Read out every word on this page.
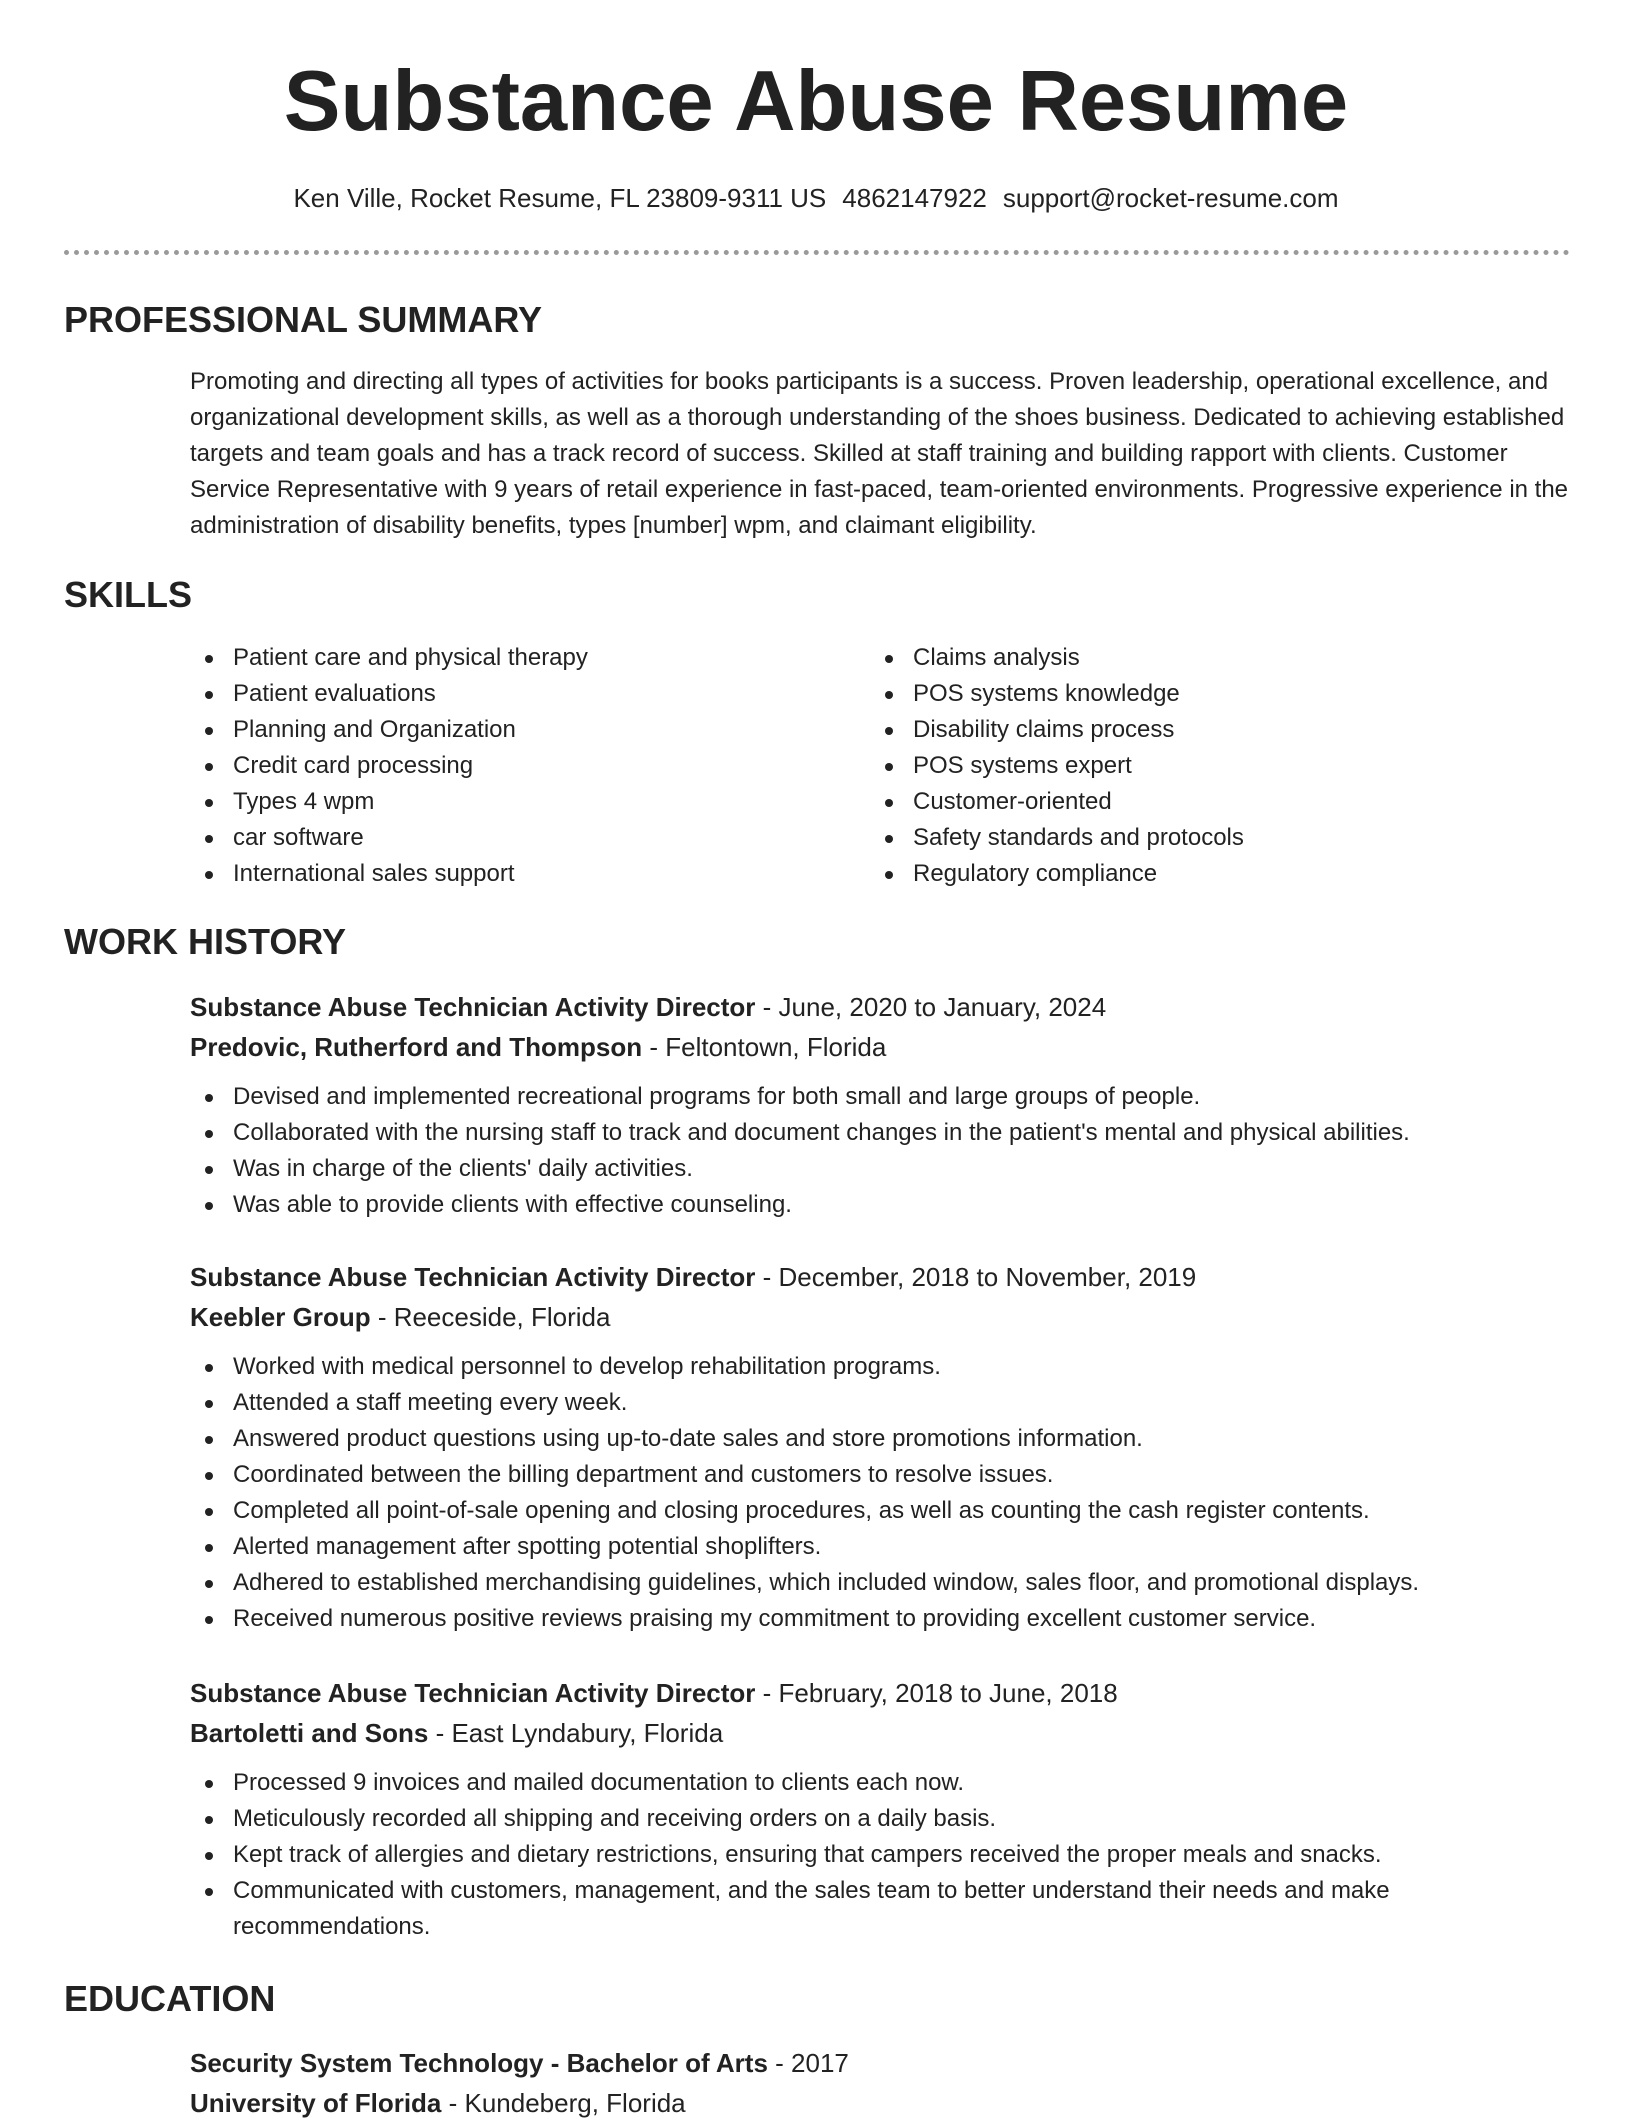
Substance Abuse Resume
Ken Ville, Rocket Resume, FL 23809-9311 US 4862147922 support@rocket-resume.com
PROFESSIONAL SUMMARY

Promoting and directing all types of activities for books participants is a success. Proven leadership, operational excellence, and organizational development skills, as well as a thorough understanding of the shoes business. Dedicated to achieving established targets and team goals and has a track record of success. Skilled at staff training and building rapport with clients. Customer Service Representative with 9 years of retail experience in fast-paced, team-oriented environments. Progressive experience in the administration of disability benefits, types [number] wpm, and claimant eligibility.

SKILLS
Patient care and physical therapy
Patient evaluations
Planning and Organization
Credit card processing
Types 4 wpm
car software
International sales support
Claims analysis
POS systems knowledge
Disability claims process
POS systems expert
Customer-oriented
Safety standards and protocols
Regulatory compliance
WORK HISTORY
Substance Abuse Technician Activity Director - June, 2020 to January, 2024
Predovic, Rutherford and Thompson - Feltontown, Florida
Devised and implemented recreational programs for both small and large groups of people.
Collaborated with the nursing staff to track and document changes in the patient's mental and physical abilities.
Was in charge of the clients' daily activities.
Was able to provide clients with effective counseling.
Substance Abuse Technician Activity Director - December, 2018 to November, 2019
Keebler Group - Reeceside, Florida
Worked with medical personnel to develop rehabilitation programs.
Attended a staff meeting every week.
Answered product questions using up-to-date sales and store promotions information.
Coordinated between the billing department and customers to resolve issues.
Completed all point-of-sale opening and closing procedures, as well as counting the cash register contents.
Alerted management after spotting potential shoplifters.
Adhered to established merchandising guidelines, which included window, sales floor, and promotional displays.
Received numerous positive reviews praising my commitment to providing excellent customer service.
Substance Abuse Technician Activity Director - February, 2018 to June, 2018
Bartoletti and Sons - East Lyndabury, Florida
Processed 9 invoices and mailed documentation to clients each now.
Meticulously recorded all shipping and receiving orders on a daily basis.
Kept track of allergies and dietary restrictions, ensuring that campers received the proper meals and snacks.
Communicated with customers, management, and the sales team to better understand their needs and make recommendations.
EDUCATION
Security System Technology - Bachelor of Arts - 2017
University of Florida - Kundeberg, Florida
